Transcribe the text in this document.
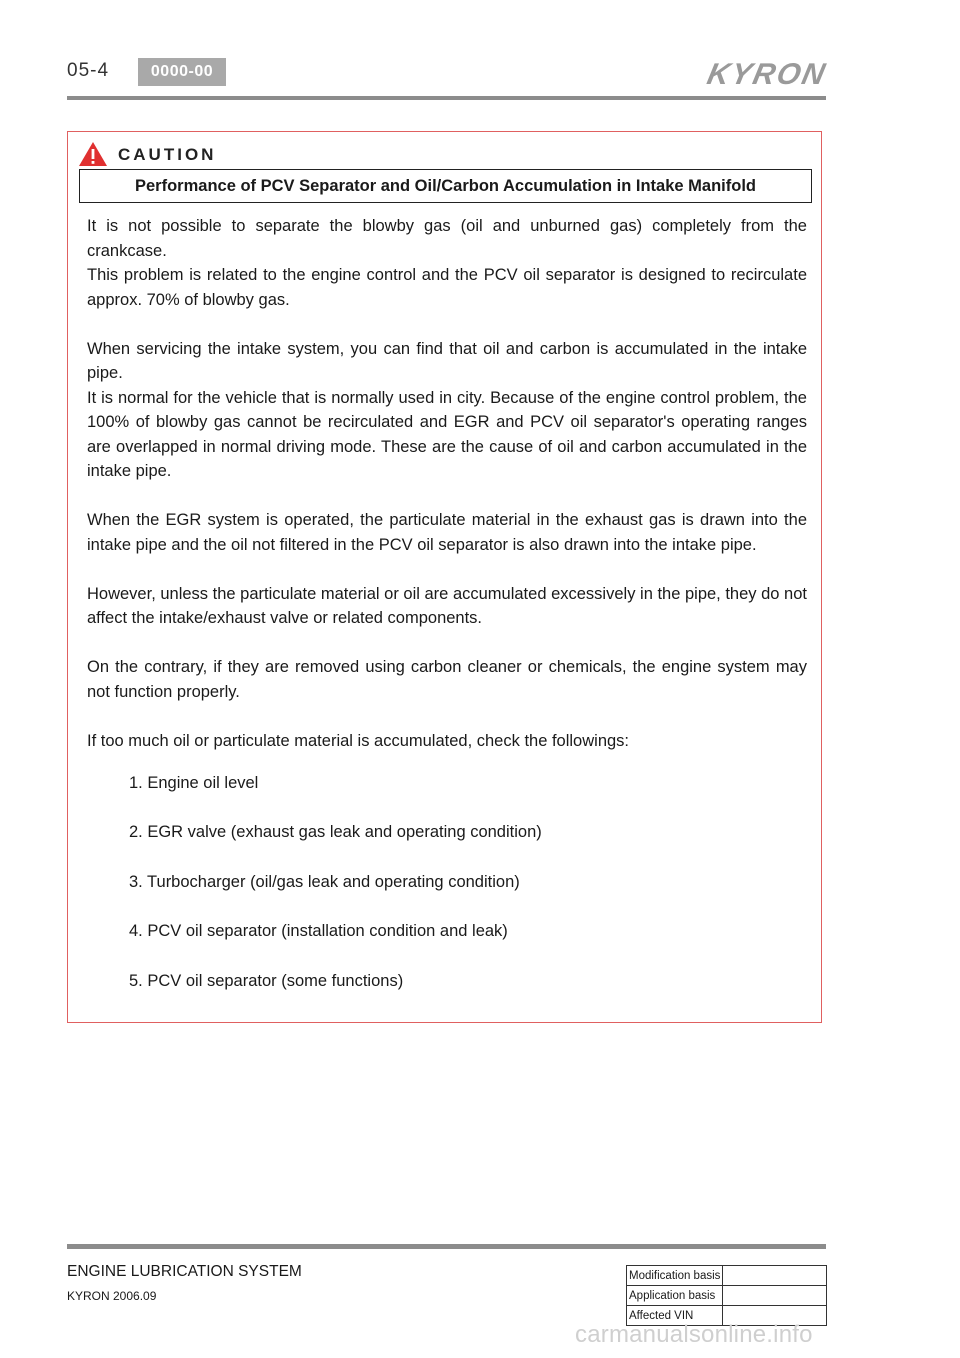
05-4	0000-00	KYRON
CAUTION
Performance of PCV Separator and Oil/Carbon Accumulation in Intake Manifold

It is not possible to separate the blowby gas (oil and unburned gas) completely from the crankcase.
This problem is related to the engine control and the PCV oil separator is designed to recirculate approx. 70% of blowby gas.

When servicing the intake system, you can find that oil and carbon is accumulated in the intake pipe.
It is normal for the vehicle that is normally used in city. Because of the engine control problem, the 100% of blowby gas cannot be recirculated and EGR and PCV oil separator's operating ranges are overlapped in normal driving mode. These are the cause of oil and carbon accumulated in the intake pipe.

When the EGR system is operated, the particulate material in the exhaust gas is drawn into the intake pipe and the oil not filtered in the PCV oil separator is also drawn into the intake pipe.

However, unless the particulate material or oil are accumulated excessively in the pipe, they do not affect the intake/exhaust valve or related components.

On the contrary, if they are removed using carbon cleaner or chemicals, the engine system may not function properly.

If too much oil or particulate material is accumulated, check the followings:

1. Engine oil level
2. EGR valve (exhaust gas leak and operating condition)
3. Turbocharger (oil/gas leak and operating condition)
4. PCV oil separator (installation condition and leak)
5. PCV oil separator (some functions)
ENGINE LUBRICATION SYSTEM
KYRON 2006.09
Modification basis	
Application basis	
Affected VIN	
carmanualsonline.info
